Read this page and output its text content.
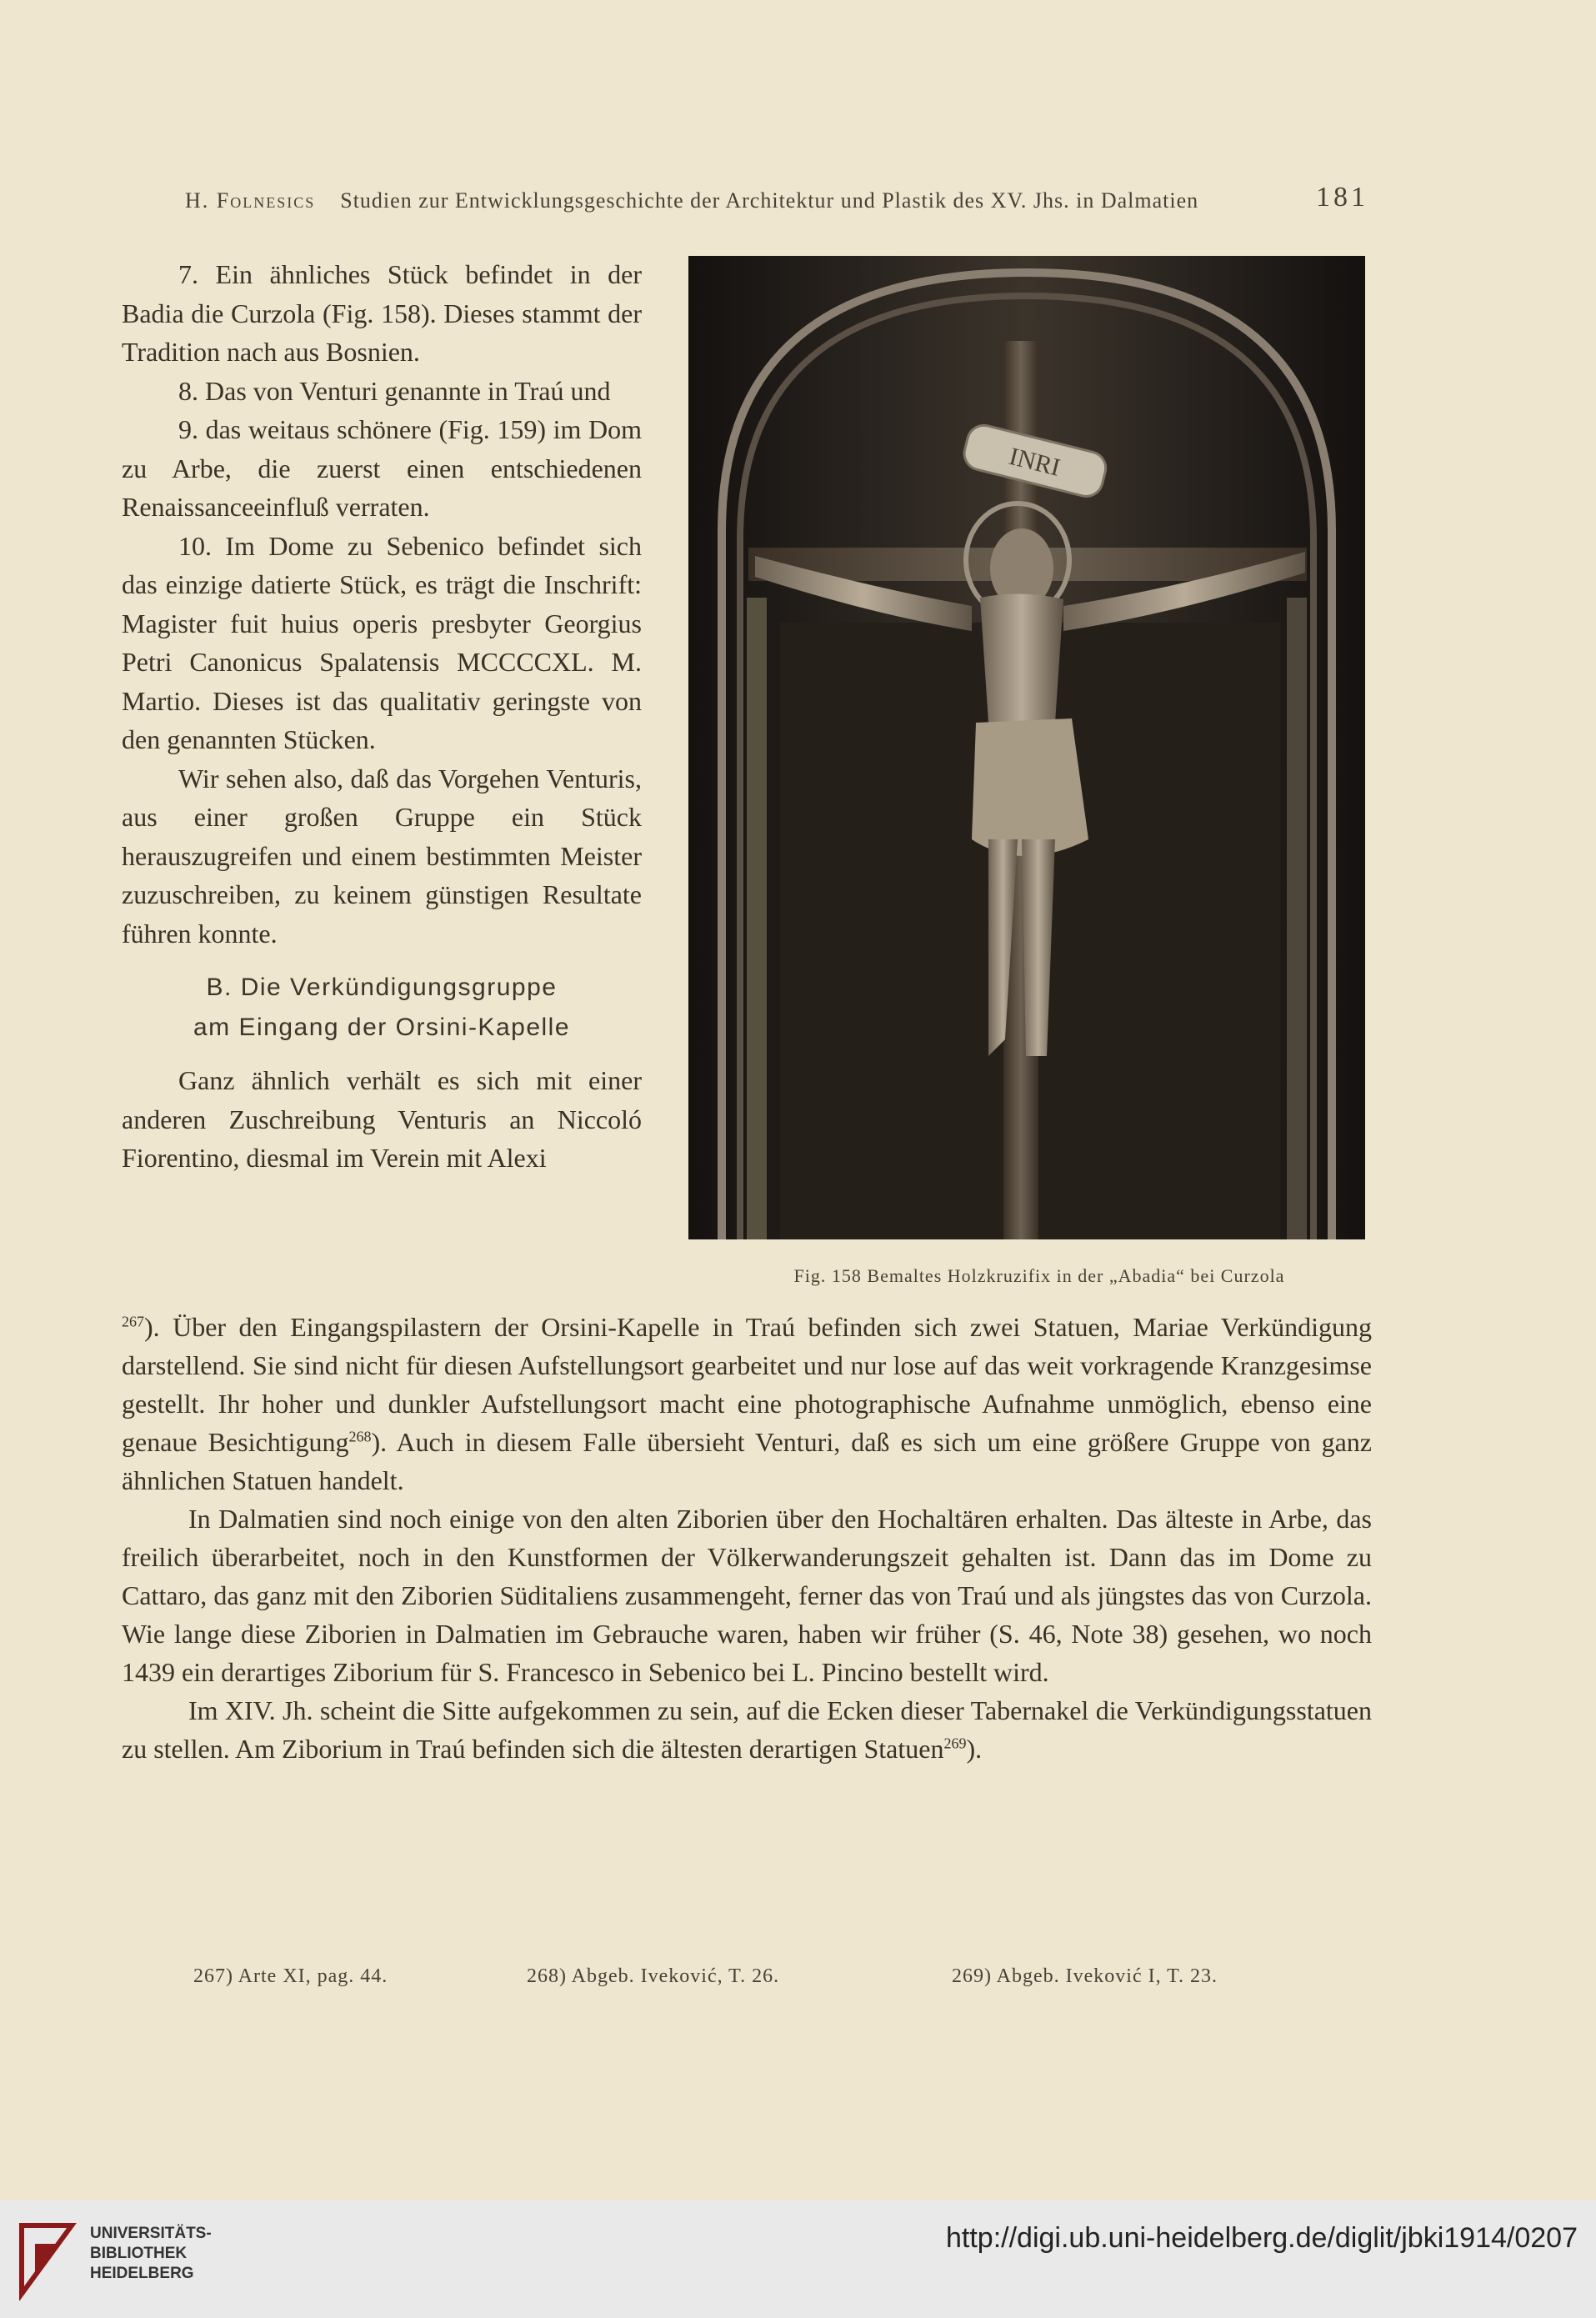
H. Folnesics Studien zur Entwicklungsgeschichte der Architektur und Plastik des XV. Jhs. in Dalmatien	181

7. Ein ähnliches Stück befindet in der Badia die Curzola (Fig. 158). Dieses stammt der Tradition nach aus Bosnien.

8. Das von Venturi genannte in Traú und

9. das weitaus schönere (Fig. 159) im Dom zu Arbe, die zuerst einen entschiedenen Renaissanceeinfluß verraten.

10. Im Dome zu Sebenico befindet sich das einzige datierte Stück, es trägt die Inschrift: Magister fuit huius operis presbyter Georgius Petri Canonicus Spalatensis MCCCCXL. M. Martio. Dieses ist das qualitativ geringste von den genannten Stücken.

Wir sehen also, daß das Vorgehen Venturis, aus einer großen Gruppe ein Stück herauszugreifen und einem bestimmten Meister zuzuschreiben, zu keinem günstigen Resultate führen konnte.

B. Die Verkündigungsgruppe
am Eingang der Orsini-Kapelle

Ganz ähnlich verhält es sich mit einer anderen Zuschreibung Venturis an Niccoló Fiorentino, diesmal im Verein mit Alexi

INRI
Fig. 158 Bemaltes Holzkruzifix in der „Abadia“ bei Curzola

$^{267}$). Über den Eingangspilastern der Orsini-Kapelle in Traú befinden sich zwei Statuen, Mariae Verkündigung darstellend. Sie sind nicht für diesen Aufstellungsort gearbeitet und nur lose auf das weit vorkragende Kranzgesimse gestellt. Ihr hoher und dunkler Aufstellungsort macht eine photographische Aufnahme unmöglich, ebenso eine genaue Besichtigung$^{268}$). Auch in diesem Falle übersieht Venturi, daß es sich um eine größere Gruppe von ganz ähnlichen Statuen handelt.

In Dalmatien sind noch einige von den alten Ziborien über den Hochaltären erhalten. Das älteste in Arbe, das freilich überarbeitet, noch in den Kunstformen der Völkerwanderungszeit gehalten ist. Dann das im Dome zu Cattaro, das ganz mit den Ziborien Süditaliens zusammengeht, ferner das von Traú und als jüngstes das von Curzola. Wie lange diese Ziborien in Dalmatien im Gebrauche waren, haben wir früher (S. 46, Note 38) gesehen, wo noch 1439 ein derartiges Ziborium für S. Francesco in Sebenico bei L. Pincino bestellt wird.

Im XIV. Jh. scheint die Sitte aufgekommen zu sein, auf die Ecken dieser Tabernakel die Verkündigungsstatuen zu stellen. Am Ziborium in Traú befinden sich die ältesten derartigen Statuen$^{269}$).

267) Arte XI, pag. 44.	268) Abgeb. Iveković, T. 26.	269) Abgeb. Iveković I, T. 23.
UNIVERSITÄTS-
BIBLIOTHEK
HEIDELBERG
http://digi.ub.uni-heidelberg.de/diglit/jbki1914/0207
